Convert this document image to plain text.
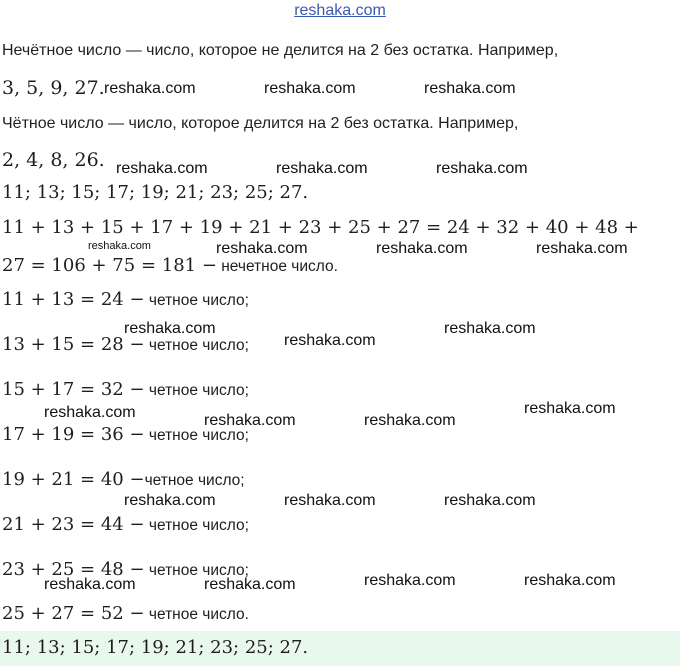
reshaka.com
Нечётное число — число, которое не делится на 2 без остатка. Например,
3, 5, 9, 27.
Чётное число — число, которое делится на 2 без остатка. Например,
2, 4, 8, 26.
11; 13; 15; 17; 19; 21; 23; 25; 27.
11 + 13 + 15 + 17 + 19 + 21 + 23 + 25 + 27 = 24 + 32 + 40 + 48 +
27 = 106 + 75 = 181 − нечетное число.
11 + 13 = 24 − четное число;
13 + 15 = 28 − четное число;
15 + 17 = 32 − четное число;
17 + 19 = 36 − четное число;
19 + 21 = 40 −четное число;
21 + 23 = 44 − четное число;
23 + 25 = 48 − четное число;
25 + 27 = 52 − четное число.
11; 13; 15; 17; 19; 21; 23; 25; 27.
reshaka.com	reshaka.com	reshaka.com
reshaka.com	reshaka.com	reshaka.com
reshaka.com	reshaka.com	reshaka.com	reshaka.com
reshaka.com
reshaka.com
reshaka.com
reshaka.com	reshaka.com	reshaka.com
reshaka.com
reshaka.com	reshaka.com	reshaka.com
reshaka.com	reshaka.com	reshaka.com	reshaka.com
